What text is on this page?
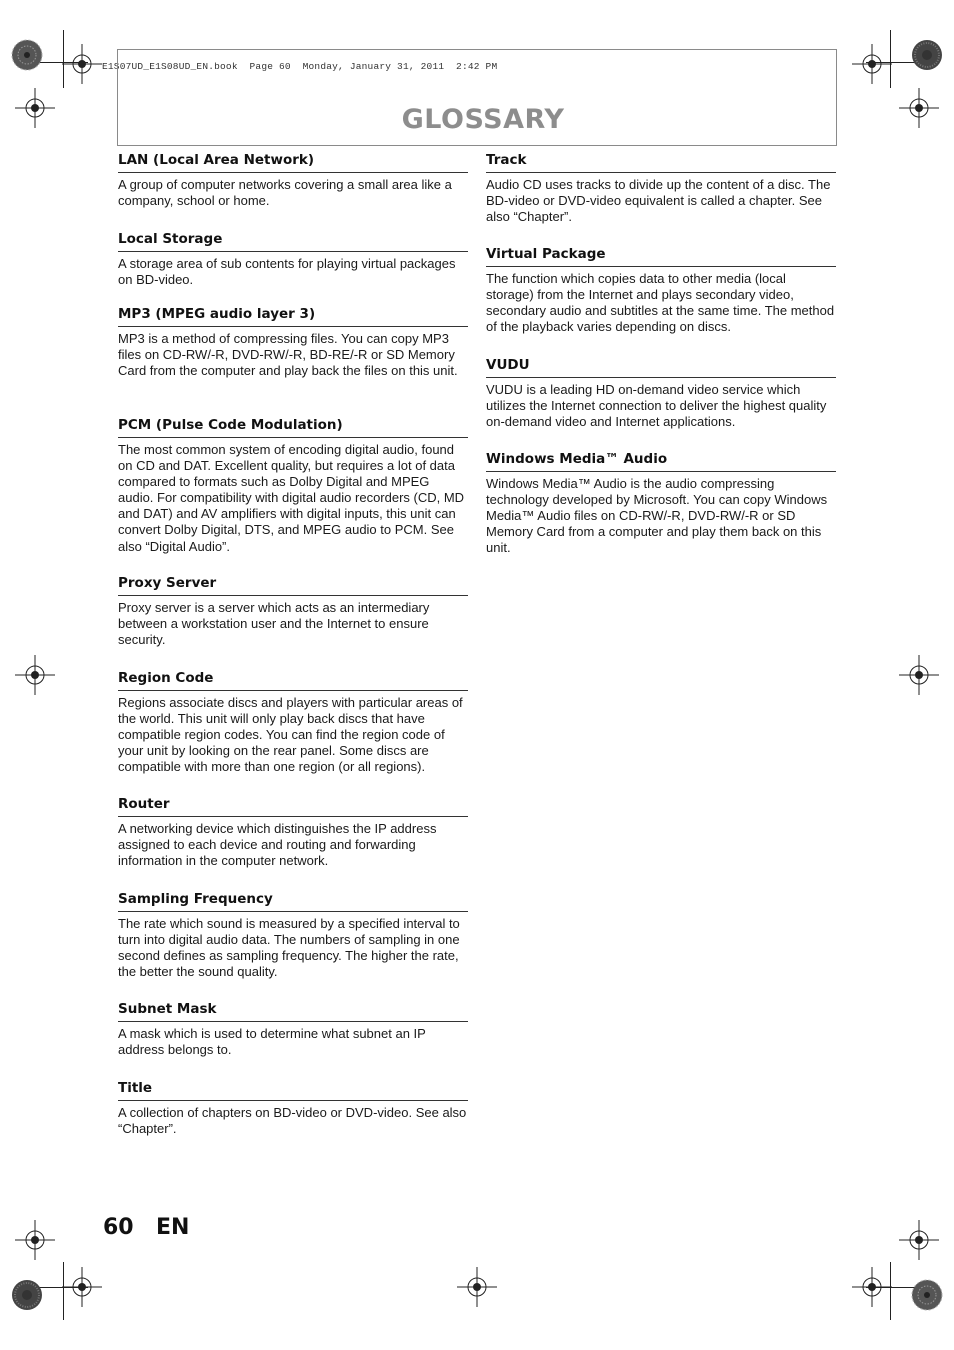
E1S07UD_E1S08UD_EN.book  Page 60  Monday, January 31, 2011  2:42 PM
GLOSSARY
LAN (Local Area Network)
A group of computer networks covering a small area like a company, school or home.
Local Storage
A storage area of sub contents for playing virtual packages on BD-video.
MP3 (MPEG audio layer 3)
MP3 is a method of compressing files. You can copy MP3 files on CD-RW/-R, DVD-RW/-R, BD-RE/-R or SD Memory Card from the computer and play back the files on this unit.
PCM (Pulse Code Modulation)
The most common system of encoding digital audio, found on CD and DAT. Excellent quality, but requires a lot of data compared to formats such as Dolby Digital and MPEG audio. For compatibility with digital audio recorders (CD, MD and DAT) and AV amplifiers with digital inputs, this unit can convert Dolby Digital, DTS, and MPEG audio to PCM. See also “Digital Audio”.
Proxy Server
Proxy server is a server which acts as an intermediary between a workstation user and the Internet to ensure security.
Region Code
Regions associate discs and players with particular areas of the world. This unit will only play back discs that have compatible region codes. You can find the region code of your unit by looking on the rear panel. Some discs are compatible with more than one region (or all regions).
Router
A networking device which distinguishes the IP address assigned to each device and routing and forwarding information in the computer network.
Sampling Frequency
The rate which sound is measured by a specified interval to turn into digital audio data. The numbers of sampling in one second defines as sampling frequency. The higher the rate, the better the sound quality.
Subnet Mask
A mask which is used to determine what subnet an IP address belongs to.
Title
A collection of chapters on BD-video or DVD-video. See also “Chapter”.
Track
Audio CD uses tracks to divide up the content of a disc. The BD-video or DVD-video equivalent is called a chapter. See also “Chapter”.
Virtual Package
The function which copies data to other media (local storage) from the Internet and plays secondary video, secondary audio and subtitles at the same time. The method of the playback varies depending on discs.
VUDU
VUDU is a leading HD on-demand video service which utilizes the Internet connection to deliver the highest quality on-demand video and Internet applications.
Windows Media™ Audio
Windows Media™ Audio is the audio compressing technology developed by Microsoft. You can copy Windows Media™ Audio files on CD-RW/-R, DVD-RW/-R or SD Memory Card from a computer and play them back on this unit.
60 EN
